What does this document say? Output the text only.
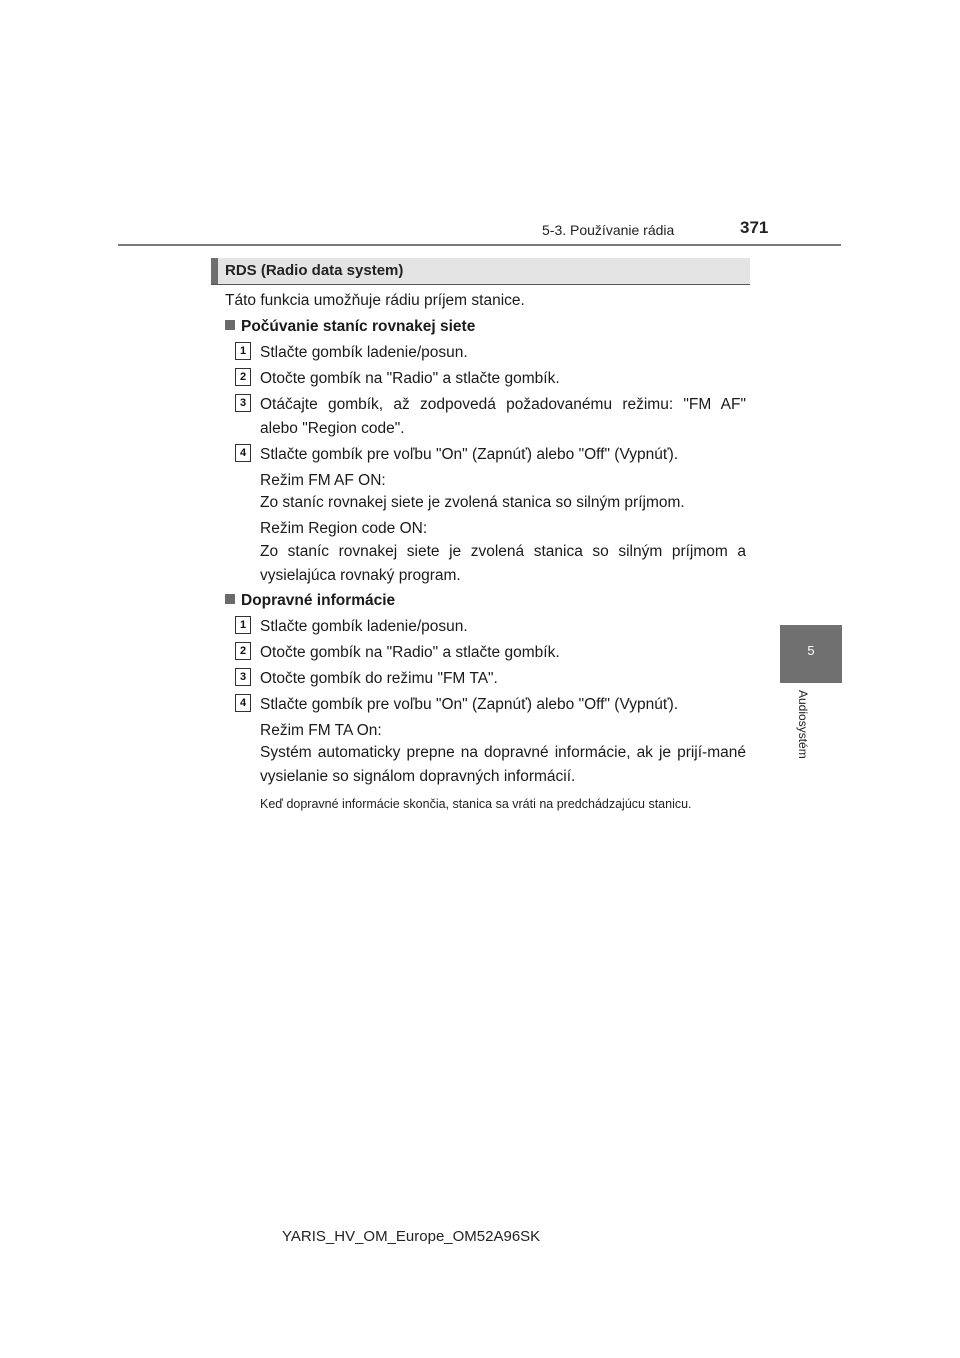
5-3. Používanie rádia	371
5
Audiosystém
RDS (Radio data system)
Táto funkcia umožňuje rádiu príjem stanice.
Počúvanie staníc rovnakej siete
1 Stlačte gombík ladenie/posun.
2 Otočte gombík na "Radio" a stlačte gombík.
3 Otáčajte gombík, až zodpovedá požadovanému režimu: "FM AF" alebo "Region code".
4 Stlačte gombík pre voľbu "On" (Zapnúť) alebo "Off" (Vypnúť).
Režim FM AF ON:
Zo staníc rovnakej siete je zvolená stanica so silným príjmom.
Režim Region code ON:
Zo staníc rovnakej siete je zvolená stanica so silným príjmom a vysielajúca rovnaký program.
Dopravné informácie
1 Stlačte gombík ladenie/posun.
2 Otočte gombík na "Radio" a stlačte gombík.
3 Otočte gombík do režimu "FM TA".
4 Stlačte gombík pre voľbu "On" (Zapnúť) alebo "Off" (Vypnúť).
Režim FM TA On:
Systém automaticky prepne na dopravné informácie, ak je prijí-mané vysielanie so signálom dopravných informácií.
Keď dopravné informácie skončia, stanica sa vráti na predchádzajúcu stanicu.
YARIS_HV_OM_Europe_OM52A96SK
